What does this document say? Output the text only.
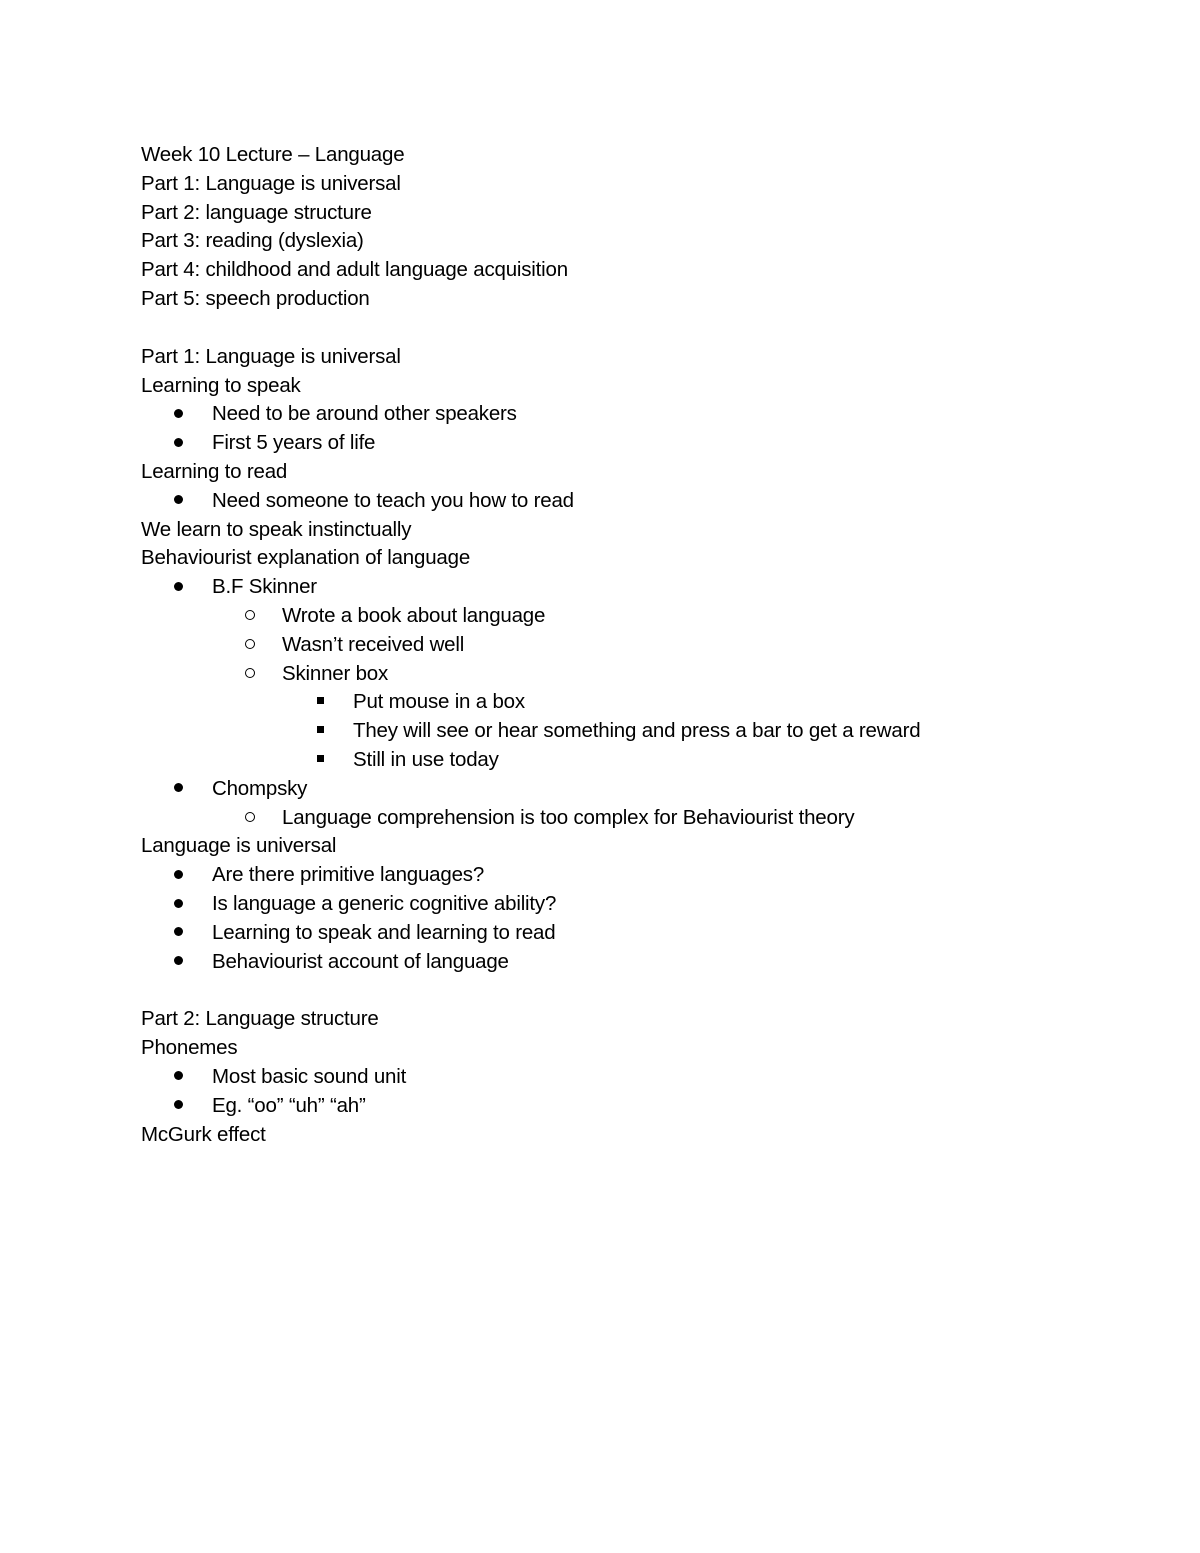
Week 10 Lecture – Language
Part 1: Language is universal
Part 2: language structure
Part 3: reading (dyslexia)
Part 4: childhood and adult language acquisition
Part 5: speech production
Part 1: Language is universal
Learning to speak
Need to be around other speakers
First 5 years of life
Learning to read
Need someone to teach you how to read
We learn to speak instinctually
Behaviourist explanation of language
B.F Skinner
Wrote a book about language
Wasn’t received well
Skinner box
Put mouse in a box
They will see or hear something and press a bar to get a reward
Still in use today
Chompsky
Language comprehension is too complex for Behaviourist theory
Language is universal
Are there primitive languages?
Is language a generic cognitive ability?
Learning to speak and learning to read
Behaviourist account of language
Part 2: Language structure
Phonemes
Most basic sound unit
Eg. “oo” “uh” “ah”
McGurk effect
